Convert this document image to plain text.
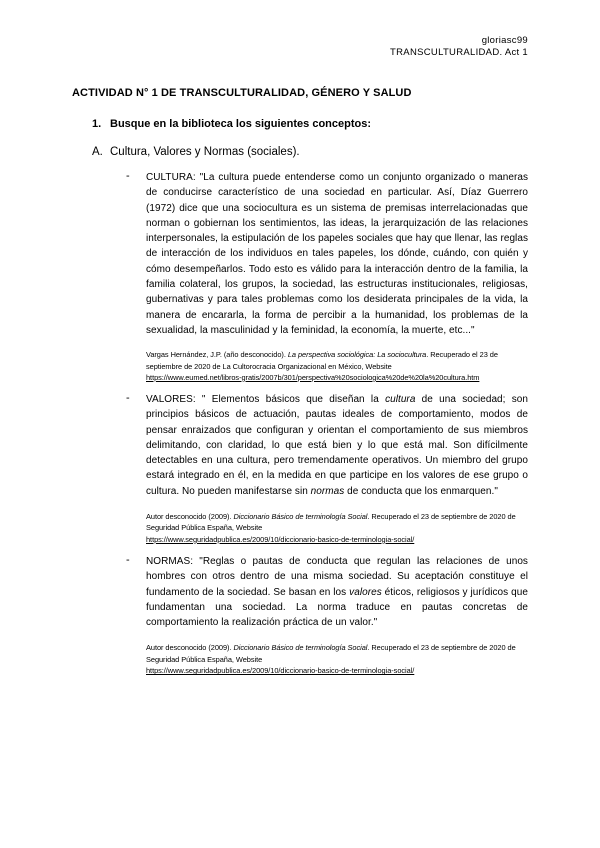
gloriasc99
TRANSCULTURALIDAD. Act 1
ACTIVIDAD N° 1 DE TRANSCULTURALIDAD, GÉNERO Y SALUD
1. Busque en la biblioteca los siguientes conceptos:
A. Cultura, Valores y Normas (sociales).
- CULTURA: "La cultura puede entenderse como un conjunto organizado o maneras de conducirse característico de una sociedad en particular. Así, Díaz Guerrero (1972) dice que una sociocultura es un sistema de premisas interrelacionadas que norman o gobiernan los sentimientos, las ideas, la jerarquización de las relaciones interpersonales, la estipulación de los papeles sociales que hay que llenar, las reglas de interacción de los individuos en tales papeles, los dónde, cuándo, con quién y cómo desempeñarlos. Todo esto es válido para la interacción dentro de la familia, la familia colateral, los grupos, la sociedad, las estructuras institucionales, religiosas, gubernativas y para tales problemas como los desiderata principales de la vida, la manera de encararla, la forma de percibir a la humanidad, los problemas de la sexualidad, la masculinidad y la feminidad, la economía, la muerte, etc..."
Vargas Hernández, J.P. (año desconocido). La perspectiva sociológica: La sociocultura. Recuperado el 23 de septiembre de 2020 de La Cultorocracia Organizacional en México, Website
https://www.eumed.net/libros-gratis/2007b/301/perspectiva%20sociologica%20de%20la%20cultura.htm
- VALORES: " Elementos básicos que diseñan la cultura de una sociedad; son principios básicos de actuación, pautas ideales de comportamiento, modos de pensar enraizados que configuran y orientan el comportamiento de sus miembros delimitando, con claridad, lo que está bien y lo que está mal. Son difícilmente detectables en una cultura, pero tremendamente operativos. Un miembro del grupo estará integrado en él, en la medida en que participe en los valores de ese grupo o cultura. No pueden manifestarse sin normas de conducta que los enmarquen."
Autor desconocido (2009). Diccionario Básico de terminología Social. Recuperado el 23 de septiembre de 2020 de Seguridad Pública España, Website
https://www.seguridadpublica.es/2009/10/diccionario-basico-de-terminologia-social/
- NORMAS: "Reglas o pautas de conducta que regulan las relaciones de unos hombres con otros dentro de una misma sociedad. Su aceptación constituye el fundamento de la sociedad. Se basan en los valores éticos, religiosos y jurídicos que fundamentan una sociedad. La norma traduce en pautas concretas de comportamiento la realización práctica de un valor."
Autor desconocido (2009). Diccionario Básico de terminología Social. Recuperado el 23 de septiembre de 2020 de Seguridad Pública España, Website
https://www.seguridadpublica.es/2009/10/diccionario-basico-de-terminologia-social/
